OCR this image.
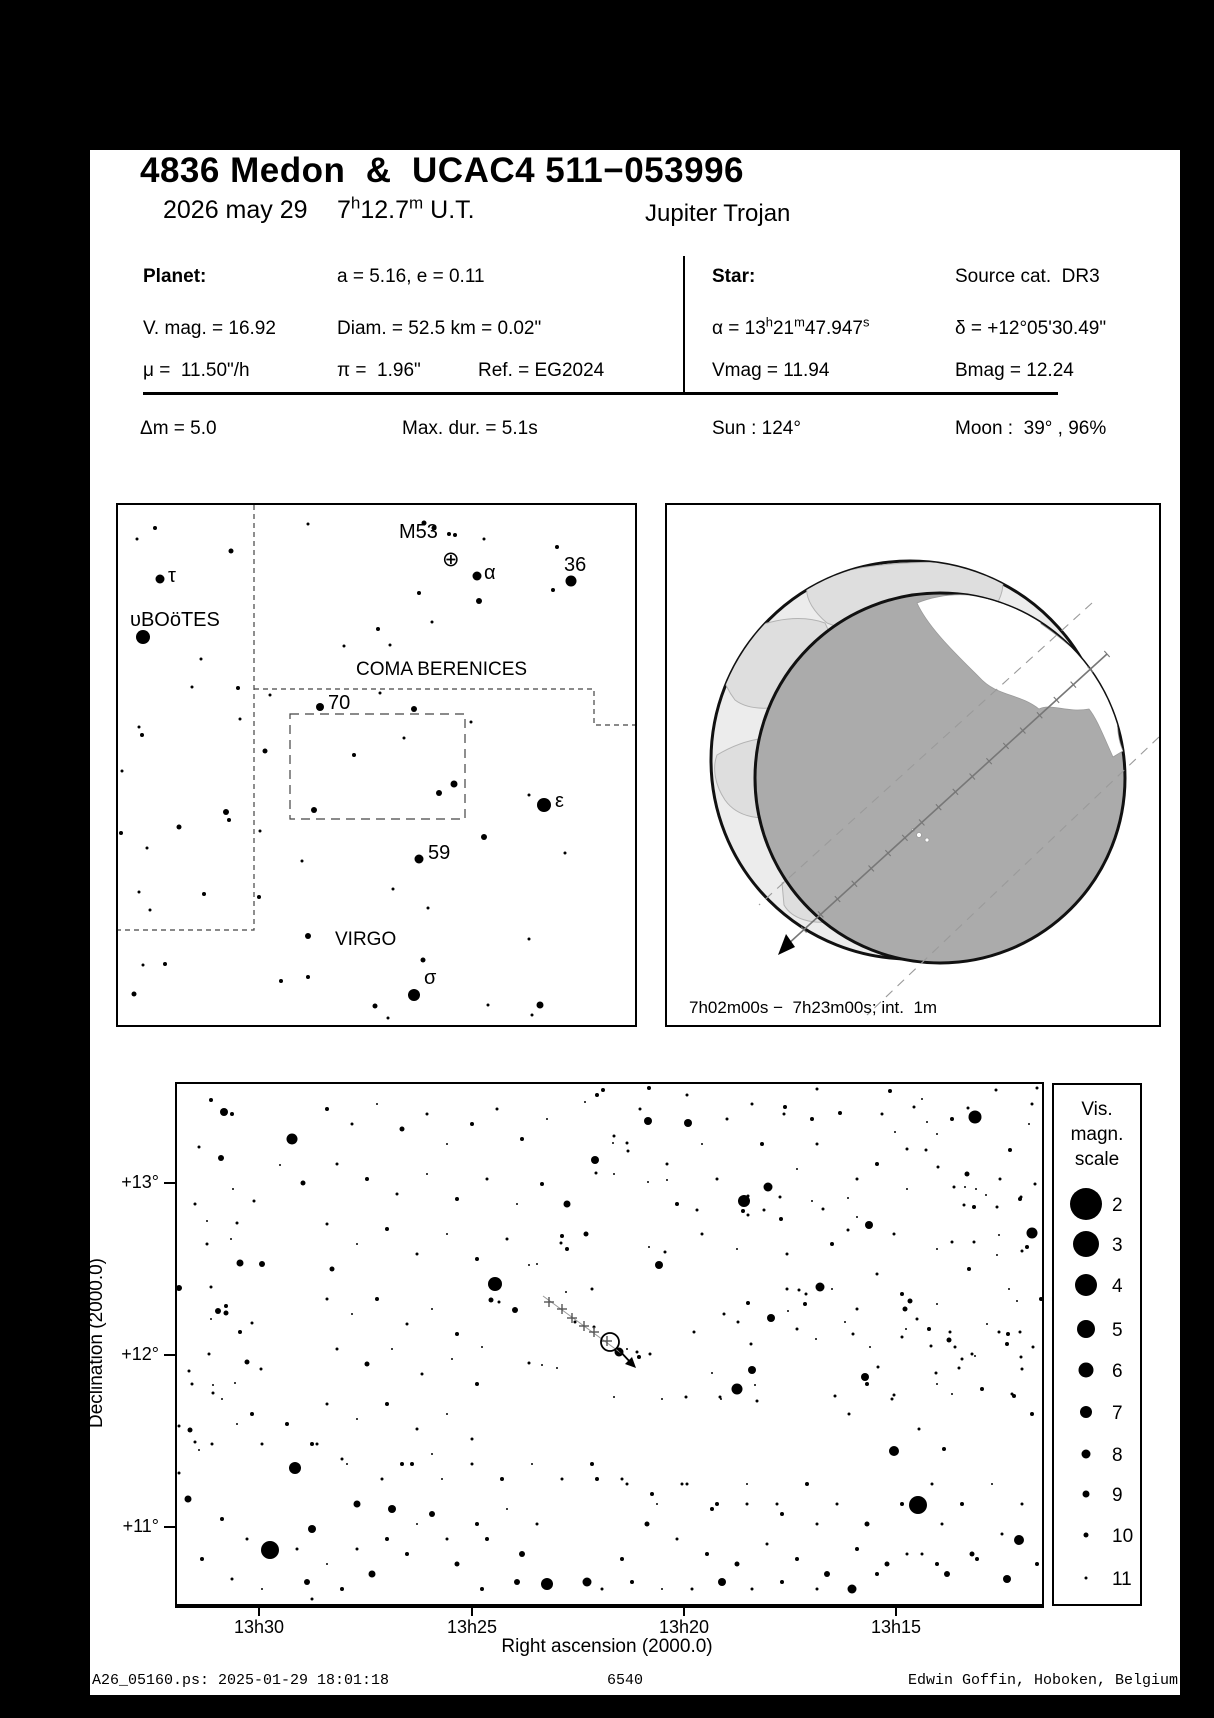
4836 Medon  &  UCAC4 511−053996
2026 may 29 7$^h$12.7$^m$ U.T.	Jupiter Trojan
Planet:	a = 5.16, e = 0.11
V. mag. = 16.92	Diam. = 52.5 km = 0.02"
μ =  11.50"/h	π =  1.96"	Ref. = EG2024
Star:	Source cat.  DR3
$\alpha = 13^h21^m47.947^s$	δ = +12°05'30.49"
Vmag = 11.94	Bmag = 12.24
Δm = 5.0	Max. dur. = 5.1s	Sun : 124°	Moon :  39° , 96%
M53
α	36
τ
υBOöTES
COMA BERENICES
70
ε
59
VIRGO
σ
⊕
7h02m00s −  7h23m00s; int.  1m
+13°
+12°
+11°
13h30	13h25	13h20	13h15
Right ascension (2000.0)
Declination (2000.0)
Vis.
magn.
scale
2
3
4
5
6
7
8
9
10
11
A26_05160.ps: 2025-01-29 18:01:18	6540	Edwin Goffin, Hoboken, Belgium
